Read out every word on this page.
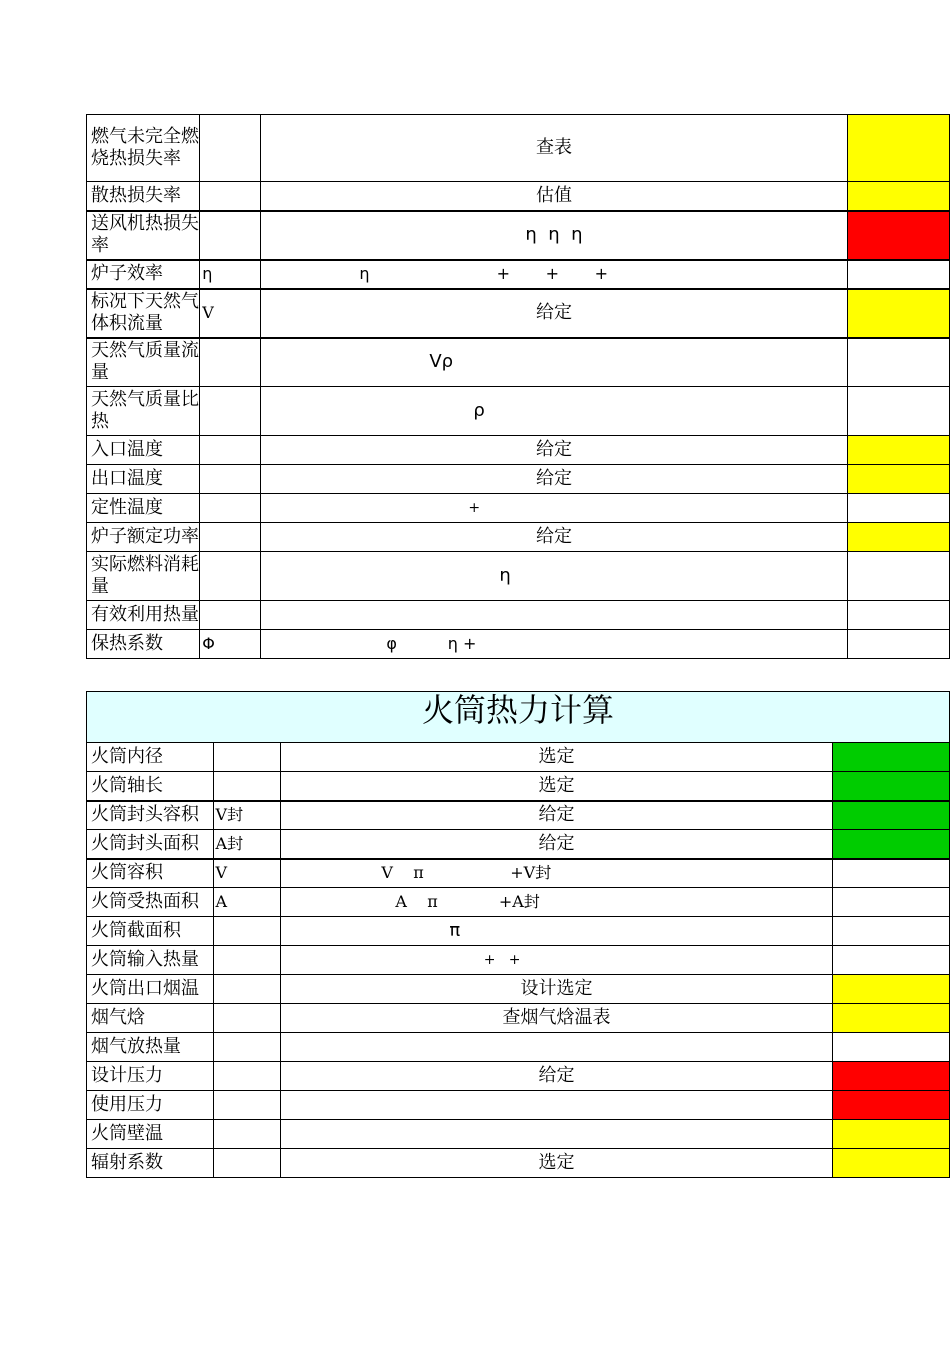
燃气未完全燃烧热损失率		查表	
散热损失率		估值	
送风机热损失率		η  η  η	
炉子效率	η	η                         +       +       +	
标况下天然气体积流量	V	给定	
天然气质量流量		Vρ	
天然气质量比热		ρ	
入口温度		给定	
出口温度		给定	
定性温度		+	
炉子额定功率		给定	
实际燃料消耗量		η	
有效利用热量			
保热系数	Φ	φ          η +	
火筒热力计算			
火筒内径		选定	
火筒轴长		选定	
火筒封头容积	V封	给定	
火筒封头面积	A封	给定	
火筒容积	V	V    π                 +V封	
火筒受热面积	A	A    π            +A封	
火筒截面积		π	
火筒输入热量		+   +	
火筒出口烟温		设计选定	
烟气焓		查烟气焓温表	
烟气放热量			
设计压力		给定	
使用压力			
火筒壁温			
辐射系数		选定	
